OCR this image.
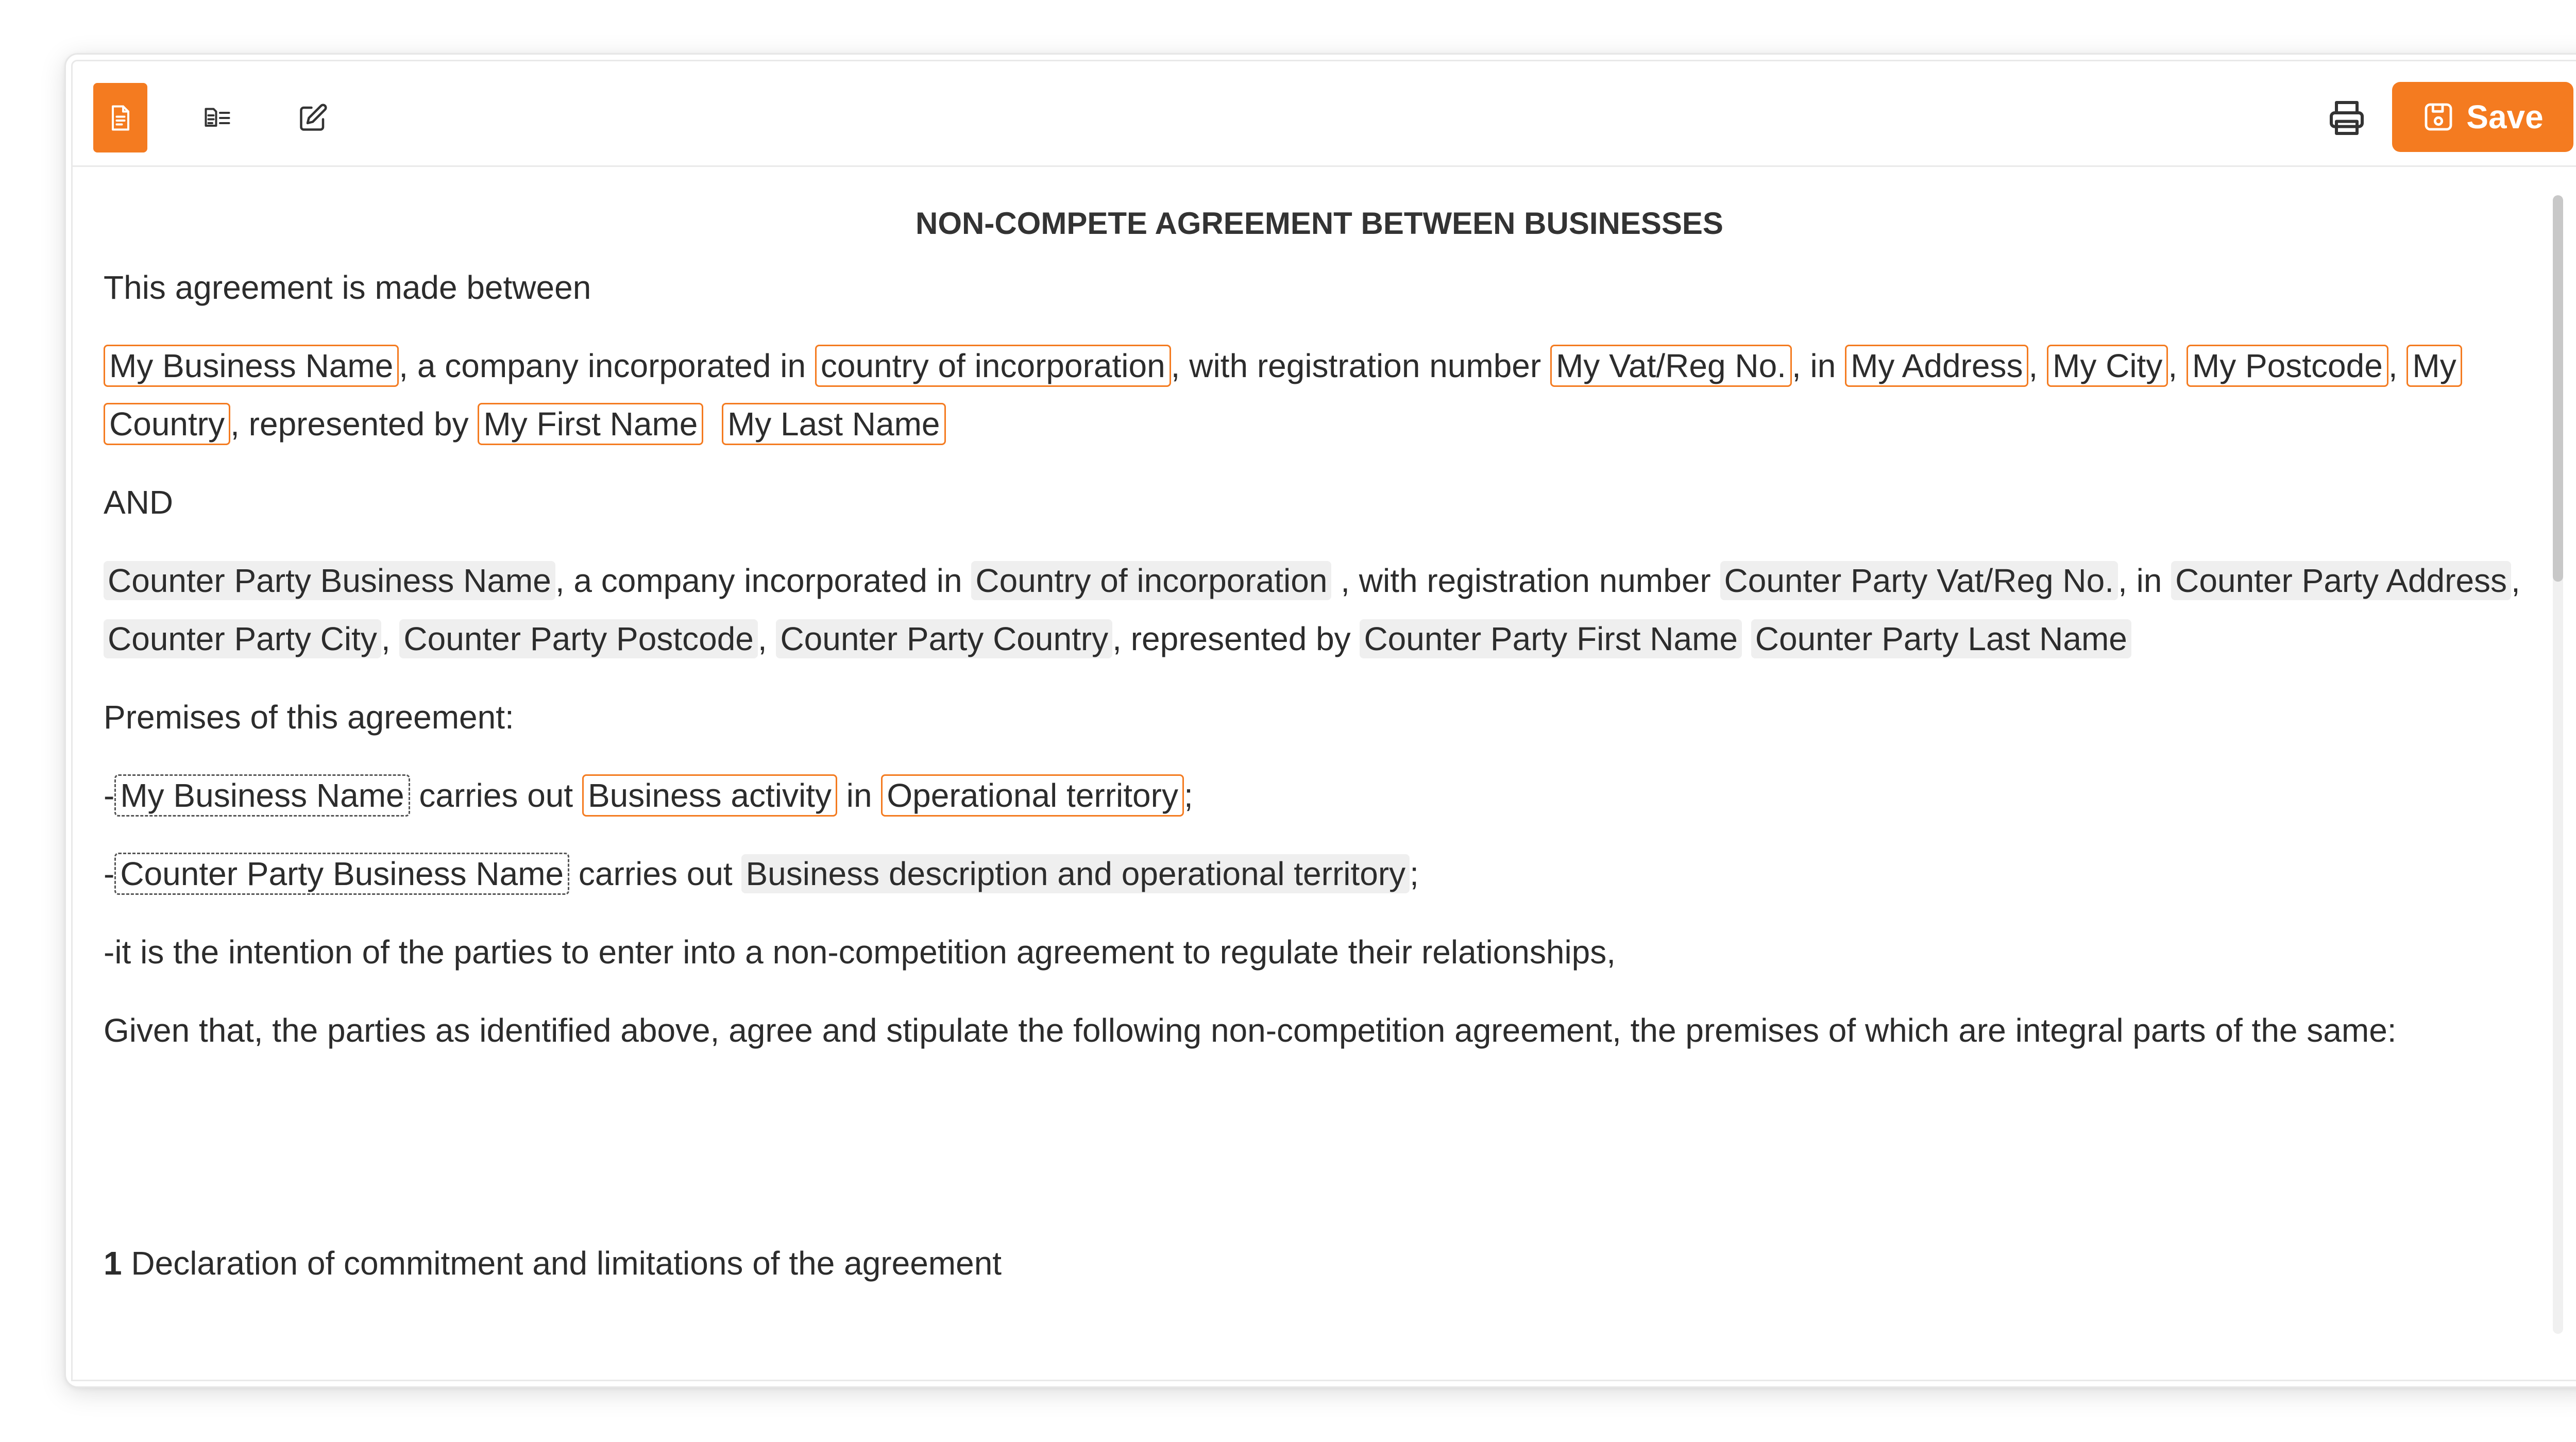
Save
NON-COMPETE AGREEMENT BETWEEN BUSINESSES

This agreement is made between

My Business Name , a company incorporated in country of incorporation , with registration number My Vat/Reg No. , in My Address , My City , My Postcode , My Country , represented by My First Name My Last Name

AND

Counter Party Business Name , a company incorporated in Country of incorporation , with registration number Counter Party Vat/Reg No. , in Counter Party Address , Counter Party City , Counter Party Postcode , Counter Party Country , represented by Counter Party First Name Counter Party Last Name

Premises of this agreement:

- My Business Name carries out Business activity in Operational territory ;

- Counter Party Business Name carries out Business description and operational territory ;

-it is the intention of the parties to enter into a non-competition agreement to regulate their relationships,

Given that, the parties as identified above, agree and stipulate the following non-competition agreement, the premises of which are integral parts of the same:

1 Declaration of commitment and limitations of the agreement
